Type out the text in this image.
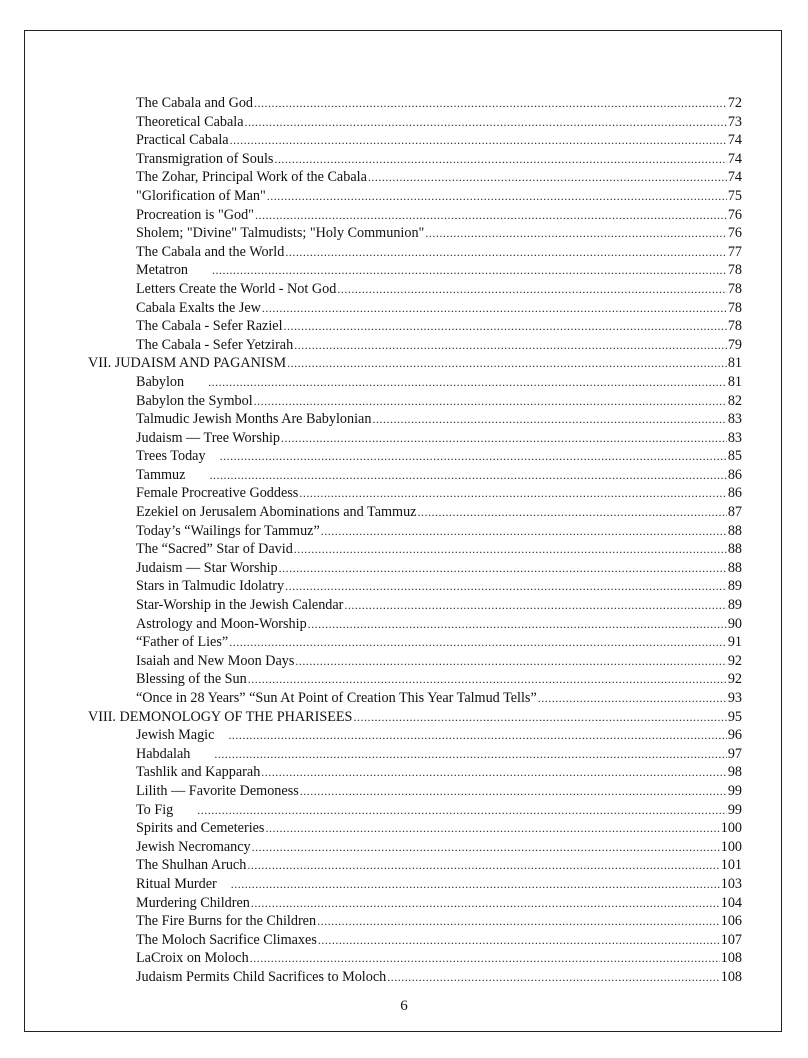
The Cabala and God .....	72
Theoretical Cabala .....	73
Practical Cabala .....	74
Transmigration of Souls .....	74
The Zohar, Principal Work of the Cabala .....	74
"Glorification of Man" .....	75
Procreation is "God" .....	76
Sholem; "Divine" Talmudists; "Holy Communion" .....	76
The Cabala and the World .....	77
Metatron .....	78
Letters Create the World - Not God .....	78
Cabala Exalts the Jew .....	78
The Cabala - Sefer Raziel .....	78
The Cabala - Sefer Yetzirah .....	79
VII. JUDAISM AND PAGANISM .....	81
Babylon .....	81
Babylon the Symbol .....	82
Talmudic Jewish Months Are Babylonian .....	83
Judaism — Tree Worship .....	83
Trees Today .....	85
Tammuz .....	86
Female Procreative Goddess .....	86
Ezekiel on Jerusalem Abominations and Tammuz .....	87
Today’s “Wailings for Tammuz” .....	88
The “Sacred” Star of David .....	88
Judaism — Star Worship .....	88
Stars in Talmudic Idolatry .....	89
Star-Worship in the Jewish Calendar .....	89
Astrology and Moon-Worship .....	90
“Father of Lies” .....	91
Isaiah and New Moon Days .....	92
Blessing of the Sun .....	92
“Once in 28 Years” “Sun At Point of Creation This Year Talmud Tells” .....	93
VIII. DEMONOLOGY OF THE PHARISEES .....	95
Jewish Magic .....	96
Habdalah .....	97
Tashlik and Kapparah .....	98
Lilith — Favorite Demoness .....	99
To Fig .....	99
Spirits and Cemeteries .....	100
Jewish Necromancy .....	100
The Shulhan Aruch .....	101
Ritual Murder .....	103
Murdering Children .....	104
The Fire Burns for the Children .....	106
The Moloch Sacrifice Climaxes .....	107
LaCroix on Moloch .....	108
Judaism Permits Child Sacrifices to Moloch .....	108
6
